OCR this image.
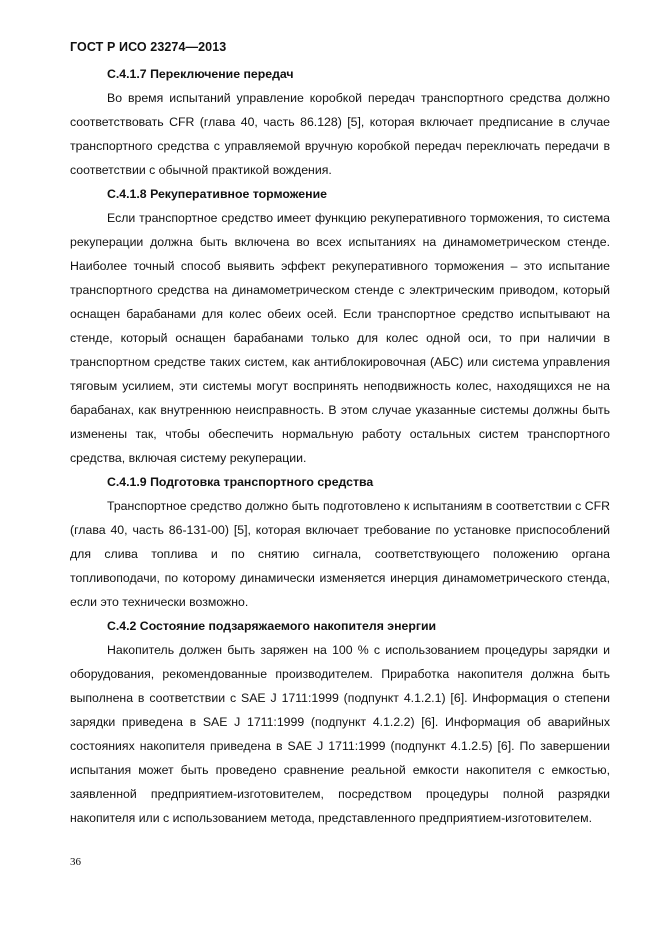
ГОСТ Р ИСО 23274—2013

С.4.1.7 Переключение передач

Во время испытаний управление коробкой передач транспортного средства должно соответствовать CFR (глава 40, часть 86.128) [5], которая включает предписание в случае транспортного средства с управляемой вручную коробкой передач переключать передачи в соответствии с обычной практикой вождения.

С.4.1.8 Рекуперативное торможение

Если транспортное средство имеет функцию рекуперативного торможения, то система рекуперации должна быть включена во всех испытаниях на динамометрическом стенде. Наиболее точный способ выявить эффект рекуперативного торможения – это испытание транспортного средства на динамометрическом стенде с электрическим приводом, который оснащен барабанами для колес обеих осей. Если транспортное средство испытывают на стенде, который оснащен барабанами только для колес одной оси, то при наличии в транспортном средстве таких систем, как антиблокировочная (АБС) или система управления тяговым усилием, эти системы могут воспринять неподвижность колес, находящихся не на барабанах, как внутреннюю неисправность. В этом случае указанные системы должны быть изменены так, чтобы обеспечить нормальную работу остальных систем транспортного средства, включая систему рекуперации.

С.4.1.9 Подготовка транспортного средства

Транспортное средство должно быть подготовлено к испытаниям в соответствии с CFR (глава 40, часть 86-131-00) [5], которая включает требование по установке приспособлений для слива топлива и по снятию сигнала, соответствующего положению органа топливоподачи, по которому динамически изменяется инерция динамометрического стенда, если это технически возможно.

С.4.2 Состояние подзаряжаемого накопителя энергии

Накопитель должен быть заряжен на 100 % с использованием процедуры зарядки и оборудования, рекомендованные производителем. Приработка накопителя должна быть выполнена в соответствии с SAE J 1711:1999 (подпункт 4.1.2.1) [6]. Информация о степени зарядки приведена в SAE J 1711:1999 (подпункт 4.1.2.2) [6]. Информация об аварийных состояниях накопителя приведена в SAE J 1711:1999 (подпункт 4.1.2.5) [6]. По завершении испытания может быть проведено сравнение реальной емкости накопителя с емкостью, заявленной предприятием-изготовителем, посредством процедуры полной разрядки накопителя или с использованием метода, представленного предприятием-изготовителем.

36
